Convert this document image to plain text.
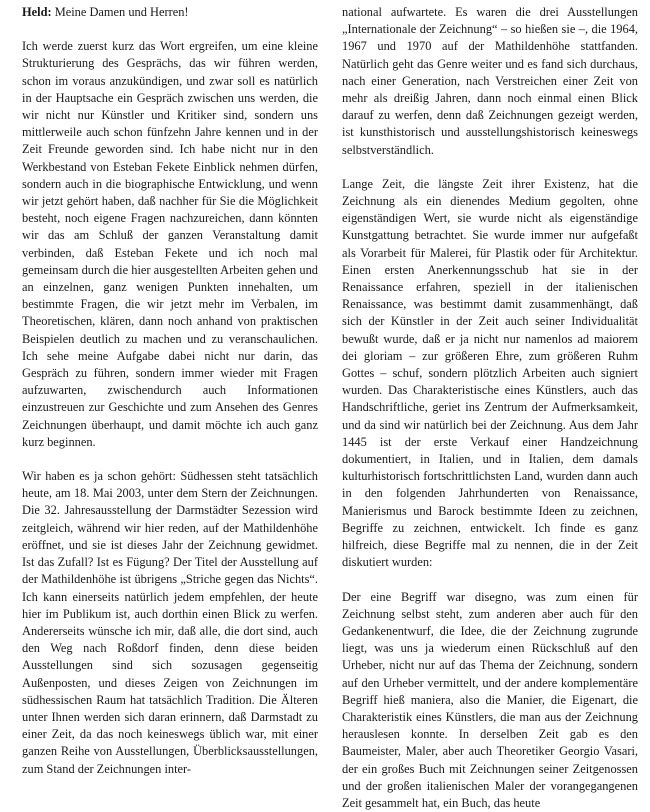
Held: Meine Damen und Herren!

Ich werde zuerst kurz das Wort ergreifen, um eine kleine Strukturierung des Gesprächs, das wir führen werden, schon im voraus anzukündigen, und zwar soll es natürlich in der Hauptsache ein Gespräch zwischen uns werden, die wir nicht nur Künstler und Kritiker sind, sondern uns mittlerweile auch schon fünfzehn Jahre kennen und in der Zeit Freunde geworden sind. Ich habe nicht nur in den Werkbestand von Esteban Fekete Einblick nehmen dürfen, sondern auch in die biographische Entwicklung, und wenn wir jetzt gehört haben, daß nachher für Sie die Möglichkeit besteht, noch eigene Fragen nachzureichen, dann könnten wir das am Schluß der ganzen Veranstaltung damit verbinden, daß Esteban Fekete und ich noch mal gemeinsam durch die hier ausgestellten Arbeiten gehen und an einzelnen, ganz wenigen Punkten innehalten, um bestimmte Fragen, die wir jetzt mehr im Verbalen, im Theoretischen, klären, dann noch anhand von praktischen Beispielen deutlich zu machen und zu veranschaulichen. Ich sehe meine Aufgabe dabei nicht nur darin, das Gespräch zu führen, sondern immer wieder mit Fragen aufzuwarten, zwischendurch auch Informationen einzustreuen zur Geschichte und zum Ansehen des Genres Zeichnungen überhaupt, und damit möchte ich auch ganz kurz beginnen.

Wir haben es ja schon gehört: Südhessen steht tatsächlich heute, am 18. Mai 2003, unter dem Stern der Zeichnungen. Die 32. Jahresausstellung der Darmstädter Sezession wird zeitgleich, während wir hier reden, auf der Mathildenhöhe eröffnet, und sie ist dieses Jahr der Zeichnung gewidmet. Ist das Zufall? Ist es Fügung? Der Titel der Ausstellung auf der Mathildenhöhe ist übrigens „Striche gegen das Nichts“. Ich kann einerseits natürlich jedem empfehlen, der heute hier im Publikum ist, auch dorthin einen Blick zu werfen. Andererseits wünsche ich mir, daß alle, die dort sind, auch den Weg nach Roßdorf finden, denn diese beiden Ausstellungen sind sich sozusagen gegenseitig Außenposten, und dieses Zeigen von Zeichnungen im südhessischen Raum hat tatsächlich Tradition. Die Älteren unter Ihnen werden sich daran erinnern, daß Darmstadt zu einer Zeit, da das noch keineswegs üblich war, mit einer ganzen Reihe von Ausstellungen, Überblicksausstellungen, zum Stand der Zeichnungen inter-

national aufwartete. Es waren die drei Ausstellungen „Internationale der Zeichnung“ – so hießen sie –, die 1964, 1967 und 1970 auf der Mathildenhöhe stattfanden. Natürlich geht das Genre weiter und es fand sich durchaus, nach einer Generation, nach Verstreichen einer Zeit von mehr als dreißig Jahren, dann noch einmal einen Blick darauf zu werfen, denn daß Zeichnungen gezeigt werden, ist kunsthistorisch und ausstellungshistorisch keineswegs selbstverständlich.

Lange Zeit, die längste Zeit ihrer Existenz, hat die Zeichnung als ein dienendes Medium gegolten, ohne eigenständigen Wert, sie wurde nicht als eigenständige Kunstgattung betrachtet. Sie wurde immer nur aufgefaßt als Vorarbeit für Malerei, für Plastik oder für Architektur. Einen ersten Anerkennungsschub hat sie in der Renaissance erfahren, speziell in der italienischen Renaissance, was bestimmt damit zusammenhängt, daß sich der Künstler in der Zeit auch seiner Individualität bewußt wurde, daß er ja nicht nur namenlos ad maiorem dei gloriam – zur größeren Ehre, zum größeren Ruhm Gottes – schuf, sondern plötzlich Arbeiten auch signiert wurden. Das Charakteristische eines Künstlers, auch das Handschriftliche, geriet ins Zentrum der Aufmerksamkeit, und da sind wir natürlich bei der Zeichnung. Aus dem Jahr 1445 ist der erste Verkauf einer Handzeichnung dokumentiert, in Italien, und in Italien, dem damals kulturhistorisch fortschrittlichsten Land, wurden dann auch in den folgenden Jahrhunderten von Renaissance, Manierismus und Barock bestimmte Ideen zu zeichnen, Begriffe zu zeichnen, entwickelt. Ich finde es ganz hilfreich, diese Begriffe mal zu nennen, die in der Zeit diskutiert wurden:

Der eine Begriff war disegno, was zum einen für Zeichnung selbst steht, zum anderen aber auch für den Gedankenentwurf, die Idee, die der Zeichnung zugrunde liegt, was uns ja wiederum einen Rückschluß auf den Urheber, nicht nur auf das Thema der Zeichnung, sondern auf den Urheber vermittelt, und der andere komplementäre Begriff hieß maniera, also die Manier, die Eigenart, die Charakteristik eines Künstlers, die man aus der Zeichnung herauslesen konnte. In derselben Zeit gab es den Baumeister, Maler, aber auch Theoretiker Georgio Vasari, der ein großes Buch mit Zeichnungen seiner Zeitgenossen und der großen italienischen Maler der vorangegangenen Zeit gesammelt hat, ein Buch, das heute
